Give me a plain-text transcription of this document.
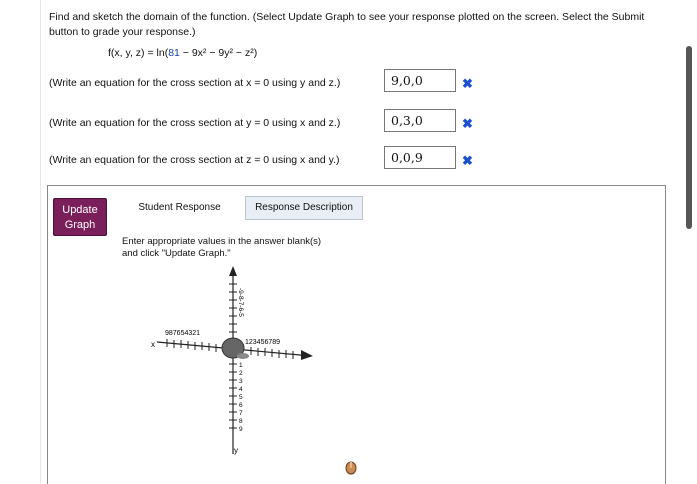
Find and sketch the domain of the function. (Select Update Graph to see your response plotted on the screen. Select the Submit
button to grade your response.)
f(x, y, z) = ln(81 − 9x² − 9y² − z²)
(Write an equation for the cross section at x = 0 using y and z.)	9,0,0	✖
(Write an equation for the cross section at y = 0 using x and z.)	0,3,0	✖
(Write an equation for the cross section at z = 0 using x and y.)	0,0,9	✖
Update Graph
Student Response	Response Description
Enter appropriate values in the answer blank(s)
and click "Update Graph."
987654321
123456789
-9-8-7-6-5
x
y
1
2
3
4
5
6
7
8
9
